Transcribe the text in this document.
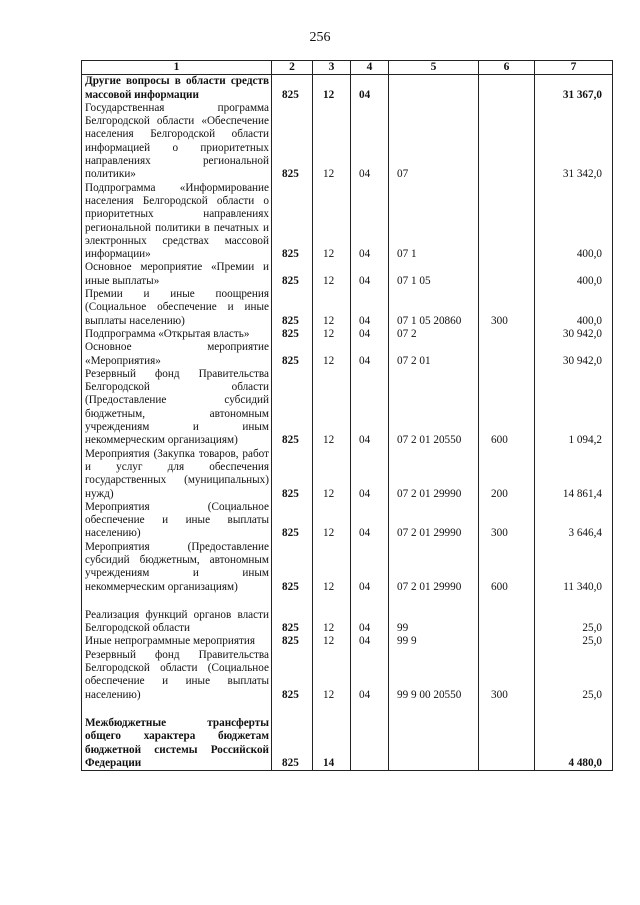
256
1	2	3	4	5	6	7
Другие вопросы в области средств массовой информации	825	12	04			31 367,0
Государственная программа Белгородской области «Обеспечение населения Белгородской области информацией о приоритетных направлениях региональной политики»	825	12	04	07		31 342,0
Подпрограмма «Информирование населения Белгородской области о приоритетных направлениях региональной политики в печатных и электронных средствах массовой информации»	825	12	04	07 1		400,0
Основное мероприятие «Премии и иные выплаты»	825	12	04	07 1 05		400,0
Премии и иные поощрения (Социальное обеспечение и иные выплаты населению)	825	12	04	07 1 05 20860	300	400,0
Подпрограмма «Открытая власть»	825	12	04	07 2		30 942,0
Основное мероприятие «Мероприятия»	825	12	04	07 2 01		30 942,0
Резервный фонд Правительства Белгородской области (Предоставление субсидий бюджетным, автономным учреждениям и иным некоммерческим организациям)	825	12	04	07 2 01 20550	600	1 094,2
Мероприятия (Закупка товаров, работ и услуг для обеспечения государственных (муниципальных) нужд)	825	12	04	07 2 01 29990	200	14 861,4
Мероприятия (Социальное обеспечение и иные выплаты населению)	825	12	04	07 2 01 29990	300	3 646,4
Мероприятия (Предоставление субсидий бюджетным, автономным учреждениям и иным некоммерческим организациям)	825	12	04	07 2 01 29990	600	11 340,0

Реализация функций органов власти Белгородской области	825	12	04	99		25,0
Иные непрограммные мероприятия	825	12	04	99 9		25,0
Резервный фонд Правительства Белгородской области (Социальное обеспечение и иные выплаты населению)	825	12	04	99 9 00 20550	300	25,0

Межбюджетные трансферты общего характера бюджетам бюджетной системы Российской Федерации	825	14				4 480,0
